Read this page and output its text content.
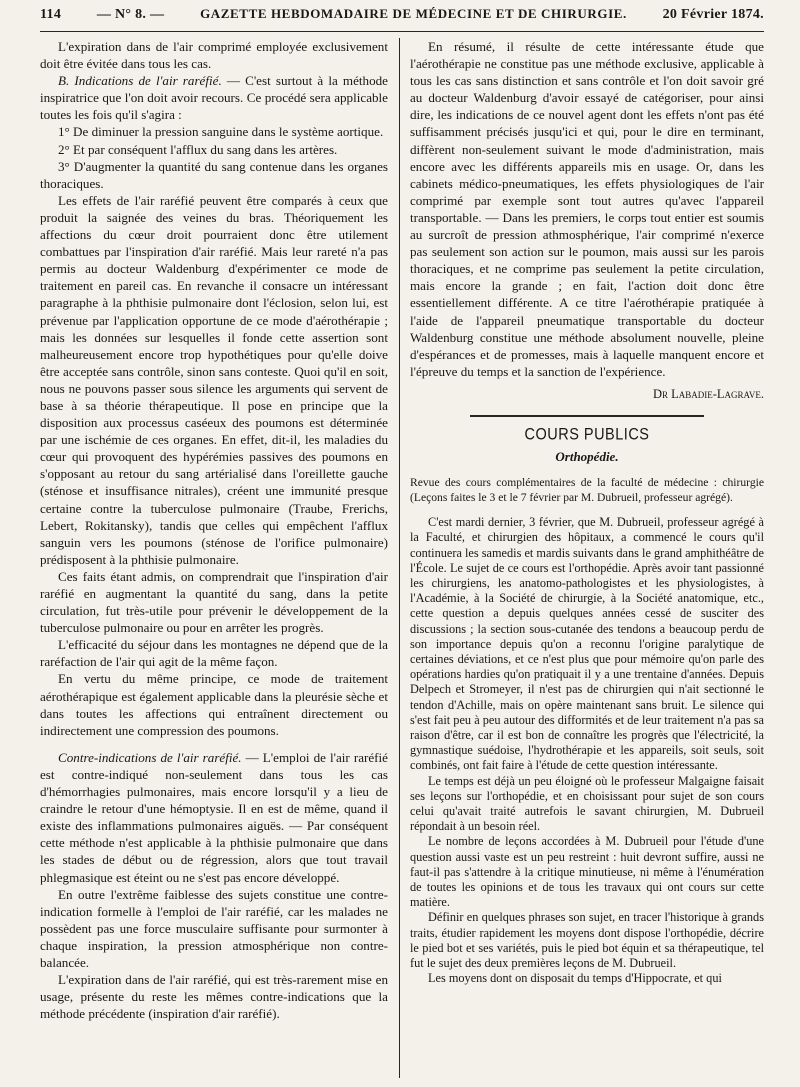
114	— N° 8. —	GAZETTE HEBDOMADAIRE DE MÉDECINE ET DE CHIRURGIE.	20 Février 1874.

L'expiration dans de l'air comprimé employée exclusivement doit être évitée dans tous les cas.

B. Indications de l'air raréfié. — C'est surtout à la méthode inspiratrice que l'on doit avoir recours. Ce procédé sera applicable toutes les fois qu'il s'agira :

1° De diminuer la pression sanguine dans le système aortique.

2° Et par conséquent l'afflux du sang dans les artères.

3° D'augmenter la quantité du sang contenue dans les organes thoraciques.

Les effets de l'air raréfié peuvent être comparés à ceux que produit la saignée des veines du bras. Théoriquement les affections du cœur droit pourraient donc être utilement combattues par l'inspiration d'air raréfié. Mais leur rareté n'a pas permis au docteur Waldenburg d'expérimenter ce mode de traitement en pareil cas. En revanche il consacre un intéressant paragraphe à la phthisie pulmonaire dont l'éclosion, selon lui, est prévenue par l'application opportune de ce mode d'aérothérapie ; mais les données sur lesquelles il fonde cette assertion sont malheureusement encore trop hypothétiques pour qu'elle doive être acceptée sans contrôle, sinon sans conteste. Quoi qu'il en soit, nous ne pouvons passer sous silence les arguments qui servent de base à sa théorie thérapeutique. Il pose en principe que la disposition aux processus caséeux des poumons est déterminée par une ischémie de ces organes. En effet, dit-il, les maladies du cœur qui provoquent des hypérémies passives des poumons en s'opposant au retour du sang artérialisé dans l'oreillette gauche (sténose et insuffisance nitrales), créent une immunité presque certaine contre la tuberculose pulmonaire (Traube, Frerichs, Lebert, Rokitansky), tandis que celles qui empêchent l'afflux sanguin vers les poumons (sténose de l'orifice pulmonaire) prédisposent à la phthisie pulmonaire.

Ces faits étant admis, on comprendrait que l'inspiration d'air raréfié en augmentant la quantité du sang, dans la petite circulation, fut très-utile pour prévenir le développement de la tuberculose pulmonaire ou pour en arrêter les progrès.

L'efficacité du séjour dans les montagnes ne dépend que de la raréfaction de l'air qui agit de la même façon.

En vertu du même principe, ce mode de traitement aérothérapique est également applicable dans la pleurésie sèche et dans toutes les affections qui entraînent directement ou indirectement une compression des poumons.

Contre-indications de l'air raréfié. — L'emploi de l'air raréfié est contre-indiqué non-seulement dans tous les cas d'hémorrhagies pulmonaires, mais encore lorsqu'il y a lieu de craindre le retour d'une hémoptysie. Il en est de même, quand il existe des inflammations pulmonaires aiguës. — Par conséquent cette méthode n'est applicable à la phthisie pulmonaire que dans les stades de début ou de régression, alors que tout travail phlegmasique est éteint ou ne s'est pas encore développé.

En outre l'extrême faiblesse des sujets constitue une contre-indication formelle à l'emploi de l'air raréfié, car les malades ne possèdent pas une force musculaire suffisante pour surmonter à chaque inspiration, la pression atmosphérique non contre-balancée.

L'expiration dans de l'air raréfié, qui est très-rarement mise en usage, présente du reste les mêmes contre-indications que la méthode précédente (inspiration d'air raréfié).

En résumé, il résulte de cette intéressante étude que l'aérothérapie ne constitue pas une méthode exclusive, applicable à tous les cas sans distinction et sans contrôle et l'on doit savoir gré au docteur Waldenburg d'avoir essayé de catégoriser, pour ainsi dire, les indications de ce nouvel agent dont les effets n'ont pas été suffisamment précisés jusqu'ici et qui, pour le dire en terminant, diffèrent non-seulement suivant le mode d'administration, mais encore avec les différents appareils mis en usage. Or, dans les cabinets médico-pneumatiques, les effets physiologiques de l'air comprimé par exemple sont tout autres qu'avec l'appareil transportable. — Dans les premiers, le corps tout entier est soumis au surcroît de pression athmosphérique, l'air comprimé n'exerce pas seulement son action sur le poumon, mais aussi sur les parois thoraciques, et ne comprime pas seulement la petite circulation, mais encore la grande ; en fait, l'action doit donc être essentiellement différente. A ce titre l'aérothérapie pratiquée à l'aide de l'appareil pneumatique transportable du docteur Waldenburg constitue une méthode absolument nouvelle, pleine d'espérances et de promesses, mais à laquelle manquent encore et l'épreuve du temps et la sanction de l'expérience.

Dr Labadie-Lagrave.
COURS PUBLICS
Orthopédie.

Revue des cours complémentaires de la faculté de médecine : chirurgie (Leçons faites le 3 et le 7 février par M. Dubrueil, professeur agrégé).

C'est mardi dernier, 3 février, que M. Dubrueil, professeur agrégé à la Faculté, et chirurgien des hôpitaux, a commencé le cours qu'il continuera les samedis et mardis suivants dans le grand amphithéâtre de l'École. Le sujet de ce cours est l'orthopédie. Après avoir tant passionné les chirurgiens, les anatomo-pathologistes et les physiologistes, à l'Académie, à la Société de chirurgie, à la Société anatomique, etc., cette question a depuis quelques années cessé de susciter des discussions ; la section sous-cutanée des tendons a beaucoup perdu de son importance depuis qu'on a reconnu l'origine paralytique de certaines déviations, et ce n'est plus que pour mémoire qu'on parle des opérations hardies qu'on pratiquait il y a une trentaine d'années. Depuis Delpech et Stromeyer, il n'est pas de chirurgien qui n'ait sectionné le tendon d'Achille, mais on opère maintenant sans bruit. Le silence qui s'est fait peu à peu autour des difformités et de leur traitement n'a pas sa raison d'être, car il est bon de connaître les progrès que l'électricité, la gymnastique suédoise, l'hydrothérapie et les appareils, soit seuls, soit combinés, ont fait faire à l'étude de cette question intéressante.

Le temps est déjà un peu éloigné où le professeur Malgaigne faisait ses leçons sur l'orthopédie, et en choisissant pour sujet de son cours celui qu'avait traité autrefois le savant chirurgien, M. Dubrueil répondait à un besoin réel.

Le nombre de leçons accordées à M. Dubrueil pour l'étude d'une question aussi vaste est un peu restreint : huit devront suffire, aussi ne faut-il pas s'attendre à la critique minutieuse, ni même à l'énumération de toutes les opinions et de tous les travaux qui ont cours sur cette matière.

Définir en quelques phrases son sujet, en tracer l'historique à grands traits, étudier rapidement les moyens dont dispose l'orthopédie, décrire le pied bot et ses variétés, puis le pied bot équin et sa thérapeutique, tel fut le sujet des deux premières leçons de M. Dubrueil.

Les moyens dont on disposait du temps d'Hippocrate, et qui
